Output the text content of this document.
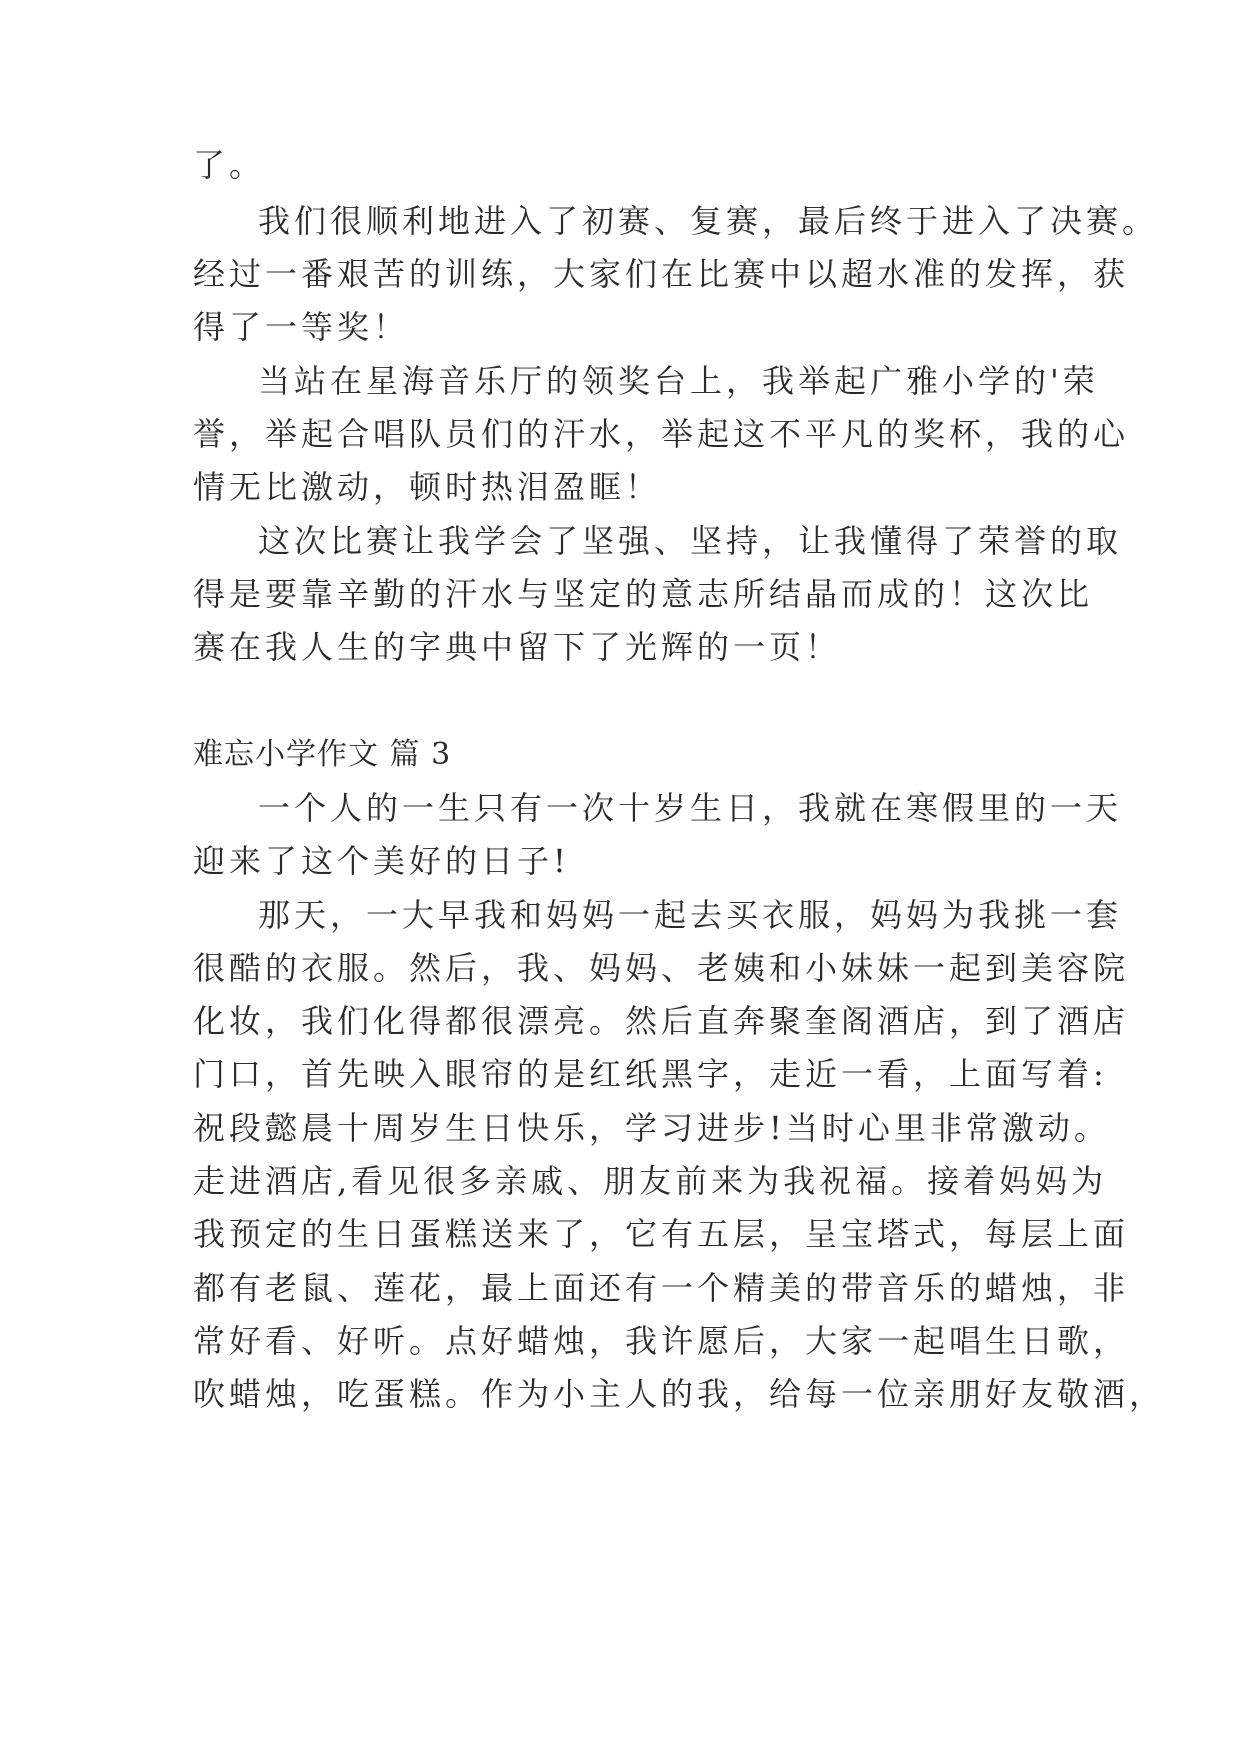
了。
我们很顺利地进入了初赛、复赛，最后终于进入了决赛。
经过一番艰苦的训练，大家们在比赛中以超水准的发挥，获
得了一等奖！
当站在星海音乐厅的领奖台上，我举起广雅小学的'荣
誉，举起合唱队员们的汗水，举起这不平凡的奖杯，我的心
情无比激动，顿时热泪盈眶！
这次比赛让我学会了坚强、坚持，让我懂得了荣誉的取
得是要靠辛勤的汗水与坚定的意志所结晶而成的！这次比
赛在我人生的字典中留下了光辉的一页！
难忘小学作文 篇 3
一个人的一生只有一次十岁生日，我就在寒假里的一天
迎来了这个美好的日子!
那天，一大早我和妈妈一起去买衣服，妈妈为我挑一套
很酷的衣服。然后，我、妈妈、老姨和小妹妹一起到美容院
化妆，我们化得都很漂亮。然后直奔聚奎阁酒店，到了酒店
门口，首先映入眼帘的是红纸黑字，走近一看，上面写着:
祝段懿晨十周岁生日快乐，学习进步!当时心里非常激动。
走进酒店,看见很多亲戚、朋友前来为我祝福。接着妈妈为
我预定的生日蛋糕送来了，它有五层，呈宝塔式，每层上面
都有老鼠、莲花，最上面还有一个精美的带音乐的蜡烛，非
常好看、好听。点好蜡烛，我许愿后，大家一起唱生日歌，
吹蜡烛，吃蛋糕。作为小主人的我，给每一位亲朋好友敬酒，
